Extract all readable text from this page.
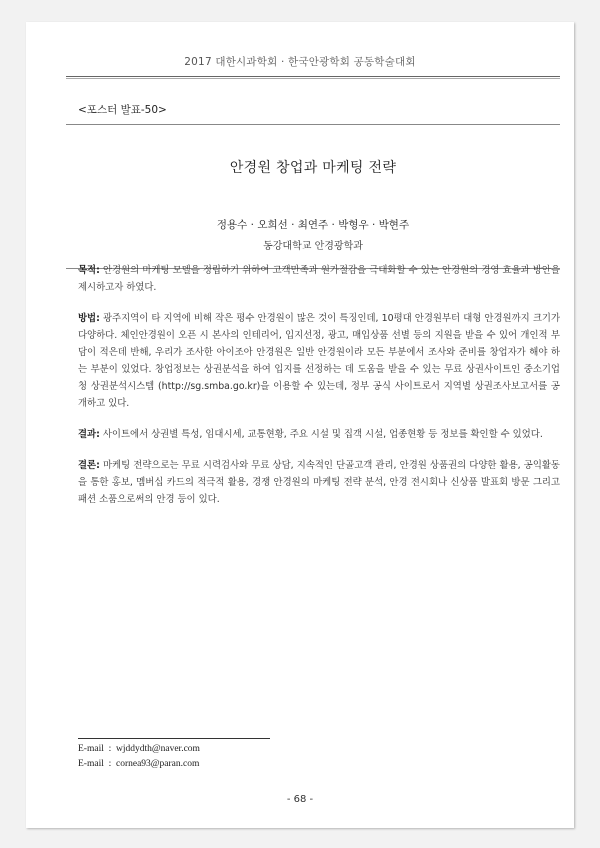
2017 대한시과학회 · 한국안광학회 공동학술대회
<포스터 발표-50>
안경원 창업과 마케팅 전략
정용수 · 오희선 · 최연주 · 박형우 · 박현주
동강대학교 안경광학과

목적: 안경원의 마케팅 모델을 정립하기 위하여 고객만족과 원가절감을 극대화할 수 있는 안경원의 경영 효율과 방안을 제시하고자 하였다.

방법: 광주지역이 타 지역에 비해 작은 평수 안경원이 많은 것이 특징인데, 10평대 안경원부터 대형 안경원까지 크기가 다양하다. 체인안경원이 오픈 시 본사의 인테리어, 입지선정, 광고, 매입상품 선별 등의 지원을 받을 수 있어 개인적 부담이 적은데 반해, 우리가 조사한 아이조아 안경원은 일반 안경원이라 모든 부분에서 조사와 준비를 창업자가 해야 하는 부분이 있었다. 창업정보는 상권분석을 하여 입지를 선정하는 데 도움을 받을 수 있는 무료 상권사이트인 중소기업청 상권분석시스템 (http://sg.smba.go.kr)을 이용할 수 있는데, 정부 공식 사이트로서 지역별 상권조사보고서를 공개하고 있다.

결과: 사이트에서 상권별 특성, 임대시세, 교통현황, 주요 시설 및 집객 시설, 업종현황 등 정보를 확인할 수 있었다.

결론: 마케팅 전략으로는 무료 시력검사와 무료 상담, 지속적인 단골고객 관리, 안경원 상품권의 다양한 활용, 공익활동을 통한 홍보, 멤버십 카드의 적극적 활용, 경쟁 안경원의 마케팅 전략 분석, 안경 전시회나 신상품 발표회 방문 그리고 패션 소품으로써의 안경 등이 있다.

E-mail  :  wjddydth@naver.com
E-mail  :  cornea93@paran.com
- 68 -
